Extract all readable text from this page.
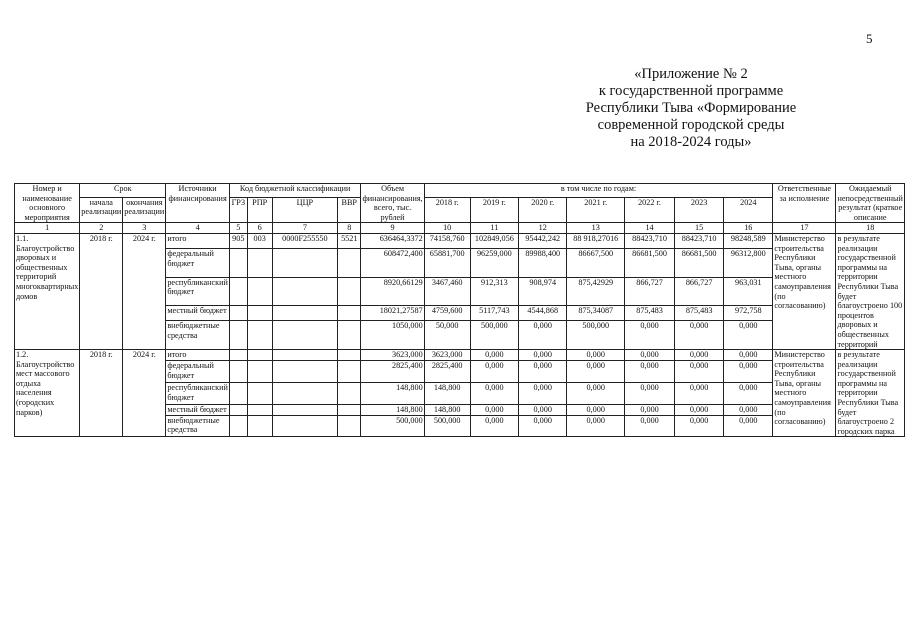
5
«Приложение № 2
к государственной программе
Республики Тыва «Формирование
современной городской среды
на 2018-2024 годы»
Номер и наименование основного мероприятия	Срок		Источники финансирования	Код бюджетной классификации				Объем финансирования, всего, тыс. рублей	в том числе по годам:							Ответственные за исполнение	Ожидаемый непосредственный результат (краткое описание
	начала реализации	окончания реализации		ГРЗ	РПР	ЦЦР	ВВР		2018 г.	2019 г.	2020 г.	2021 г.	2022 г.	2023	2024		
1	2	3	4	5	6	7	8	9	10	11	12	13	14	15	16	17	18
1.1. Благоустройство дворовых и общественных территорий многоквартирных домов	2018 г.	2024 г.	итого	905	003	0000F255550	5521	636464,3372	74158,760	102849,056	95442,242	88 918,27016	88423,710	88423,710	98248,589	Министерство строительства Республики Тыва, органы местного самоуправления (по согласованию)	в результате реализации государственной программы на территории Республики Тыва будет благоустроено 100 процентов дворовых и общественных территорий
			федеральный бюджет					608472,400	65881,700	96259,000	89988,400	86667,500	86681,500	86681,500	96312,800		
			республиканский бюджет					8920,66129	3467,460	912,313	908,974	875,42929	866,727	866,727	963,031		
			местный бюджет					18021,27587	4759,600	5117,743	4544,868	875,34087	875,483	875,483	972,758		
			внебюджетные средства					1050,000	50,000	500,000	0,000	500,000	0,000	0,000	0,000		
1.2. Благоустройство мест массового отдыха населения (городских парков)	2018 г.	2024 г.	итого					3623,000	3623,000	0,000	0,000	0,000	0,000	0,000	0,000	Министерство строительства Республики Тыва, органы местного самоуправления (по согласованию)	в результате реализации государственной программы на территории Республики Тыва будет благоустроено 2 городских парка
			федеральный бюджет					2825,400	2825,400	0,000	0,000	0,000	0,000	0,000	0,000		
			республиканский бюджет					148,800	148,800	0,000	0,000	0,000	0,000	0,000	0,000		
			местный бюджет					148,800	148,800	0,000	0,000	0,000	0,000	0,000	0,000		
			внебюджетные средства					500,000	500,000	0,000	0,000	0,000	0,000	0,000	0,000		
